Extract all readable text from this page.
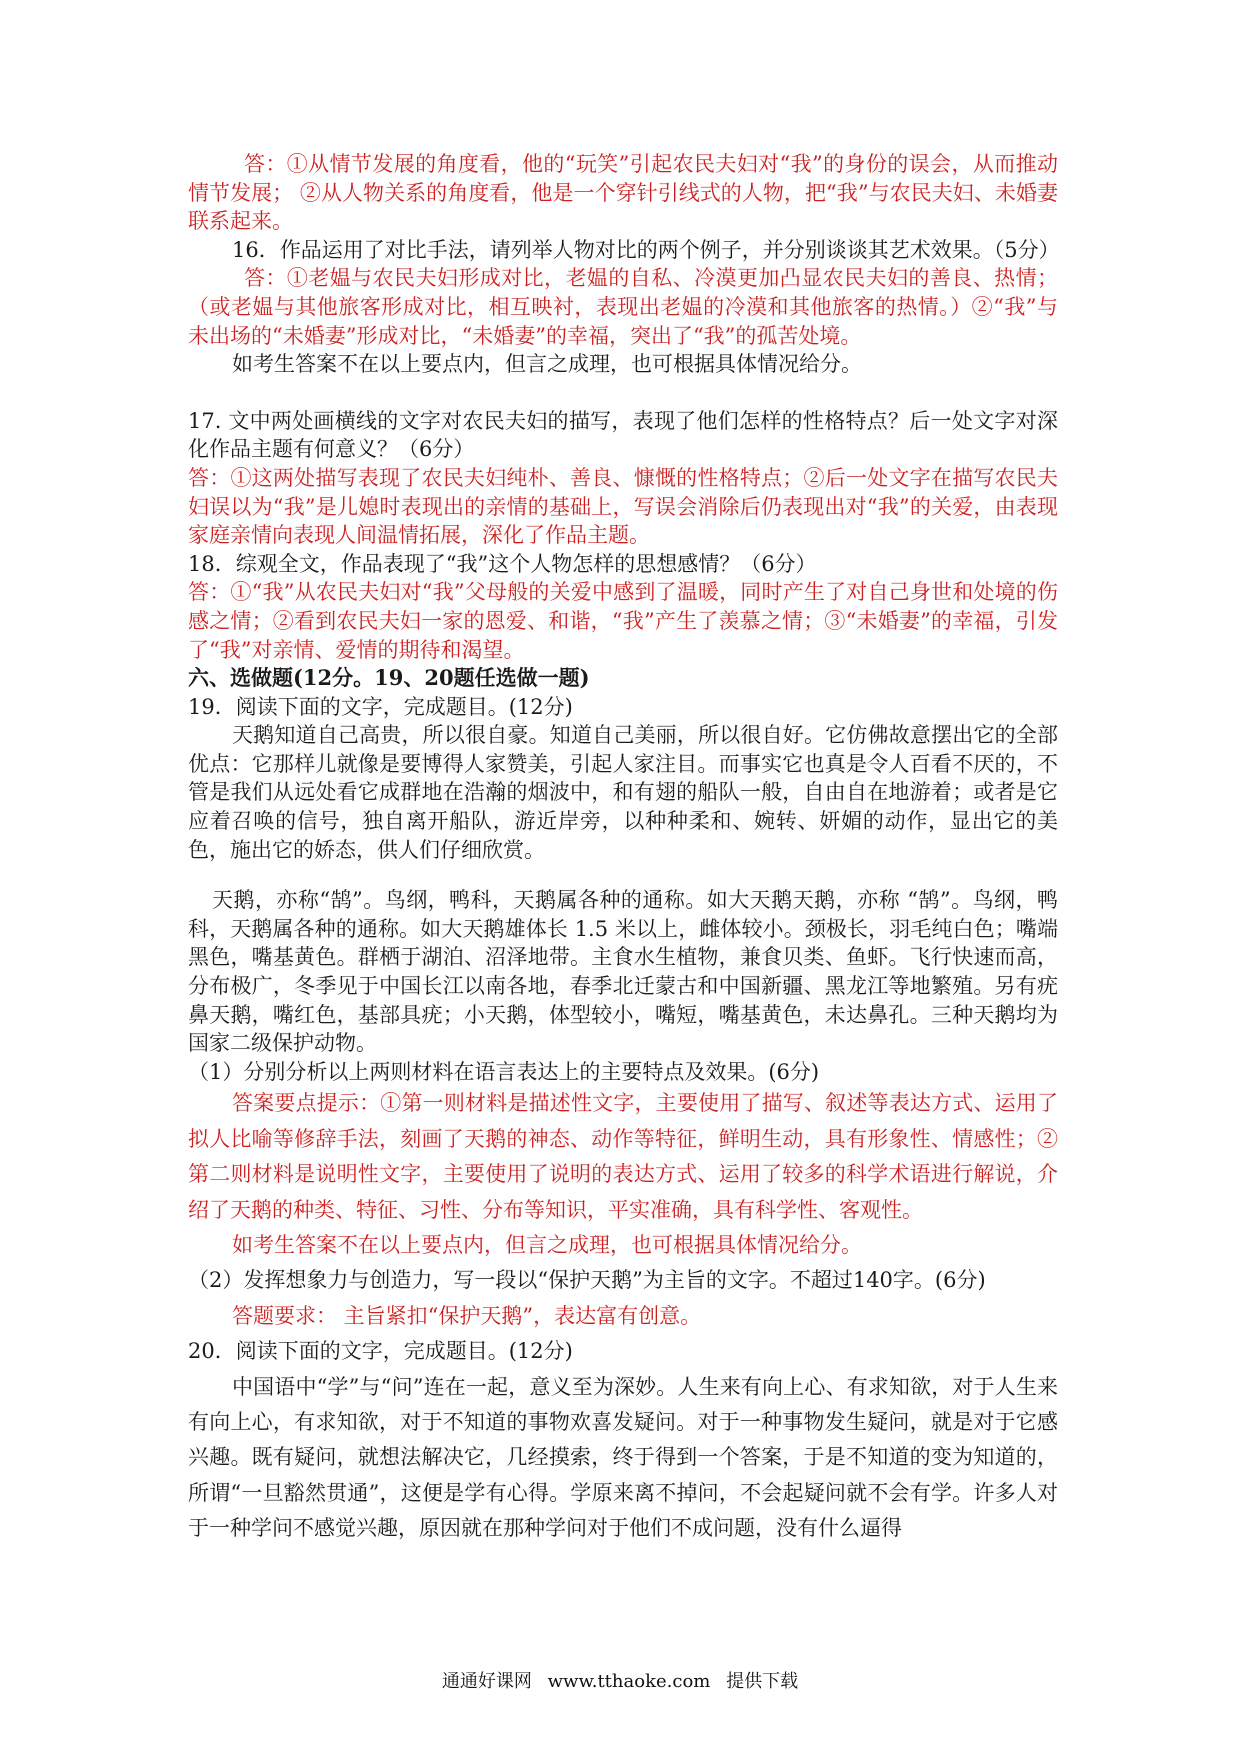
答：①从情节发展的角度看，他的“玩笑”引起农民夫妇对“我”的身份的误会，从而推动情节发展； ②从人物关系的角度看，他是一个穿针引线式的人物，把“我”与农民夫妇、未婚妻联系起来。

16．作品运用了对比手法，请列举人物对比的两个例子，并分别谈谈其艺术效果。（5分）

答：①老媪与农民夫妇形成对比，老媪的自私、冷漠更加凸显农民夫妇的善良、热情；（或老媪与其他旅客形成对比，相互映衬，表现出老媪的冷漠和其他旅客的热情。）②“我”与未出场的“未婚妻”形成对比，“未婚妻”的幸福，突出了“我”的孤苦处境。

如考生答案不在以上要点内，但言之成理，也可根据具体情况给分。

17. 文中两处画横线的文字对农民夫妇的描写，表现了他们怎样的性格特点？后一处文字对深化作品主题有何意义？（6分）

答：①这两处描写表现了农民夫妇纯朴、善良、慷慨的性格特点；②后一处文字在描写农民夫妇误以为“我”是儿媳时表现出的亲情的基础上，写误会消除后仍表现出对“我”的关爱，由表现家庭亲情向表现人间温情拓展，深化了作品主题。

18．综观全文，作品表现了“我”这个人物怎样的思想感情？（6分）

答：①“我”从农民夫妇对“我”父母般的关爱中感到了温暖，同时产生了对自己身世和处境的伤感之情；②看到农民夫妇一家的恩爱、和谐，“我”产生了羡慕之情；③“未婚妻”的幸福，引发了“我”对亲情、爱情的期待和渴望。

六、选做题(12分。19、20题任选做一题)

19．阅读下面的文字，完成题目。(12分)

天鹅知道自己高贵，所以很自豪。知道自己美丽，所以很自好。它仿佛故意摆出它的全部优点：它那样儿就像是要博得人家赞美，引起人家注目。而事实它也真是令人百看不厌的，不管是我们从远处看它成群地在浩瀚的烟波中，和有翅的船队一般，自由自在地游着；或者是它应着召唤的信号，独自离开船队，游近岸旁，以种种柔和、婉转、妍媚的动作，显出它的美色，施出它的娇态，供人们仔细欣赏。

天鹅，亦称“鹄”。鸟纲，鸭科，天鹅属各种的通称。如大天鹅天鹅，亦称 “鹄”。鸟纲，鸭科，天鹅属各种的通称。如大天鹅雄体长 1.5 米以上，雌体较小。颈极长，羽毛纯白色；嘴端黑色，嘴基黄色。群栖于湖泊、沼泽地带。主食水生植物，兼食贝类、鱼虾。飞行快速而高，分布极广，冬季见于中国长江以南各地，春季北迁蒙古和中国新疆、黑龙江等地繁殖。另有疣鼻天鹅，嘴红色，基部具疣；小天鹅，体型较小，嘴短，嘴基黄色，未达鼻孔。三种天鹅均为国家二级保护动物。

（1）分别分析以上两则材料在语言表达上的主要特点及效果。(6分)

答案要点提示：①第一则材料是描述性文字，主要使用了描写、叙述等表达方式、运用了拟人比喻等修辞手法，刻画了天鹅的神态、动作等特征，鲜明生动，具有形象性、情感性；②第二则材料是说明性文字，主要使用了说明的表达方式、运用了较多的科学术语进行解说，介绍了天鹅的种类、特征、习性、分布等知识，平实准确，具有科学性、客观性。

如考生答案不在以上要点内，但言之成理，也可根据具体情况给分。

（2）发挥想象力与创造力，写一段以“保护天鹅”为主旨的文字。不超过140字。(6分)

答题要求： 主旨紧扣“保护天鹅”，表达富有创意。

20．阅读下面的文字，完成题目。(12分)

中国语中“学”与“问”连在一起，意义至为深妙。人生来有向上心、有求知欲，对于人生来有向上心，有求知欲，对于不知道的事物欢喜发疑问。对于一种事物发生疑问，就是对于它感兴趣。既有疑问，就想法解决它，几经摸索，终于得到一个答案，于是不知道的变为知道的，所谓“一旦豁然贯通”，这便是学有心得。学原来离不掉问，不会起疑问就不会有学。许多人对于一种学问不感觉兴趣，原因就在那种学问对于他们不成问题，没有什么逼得

通通好课网 www.tthaoke.com 提供下载
